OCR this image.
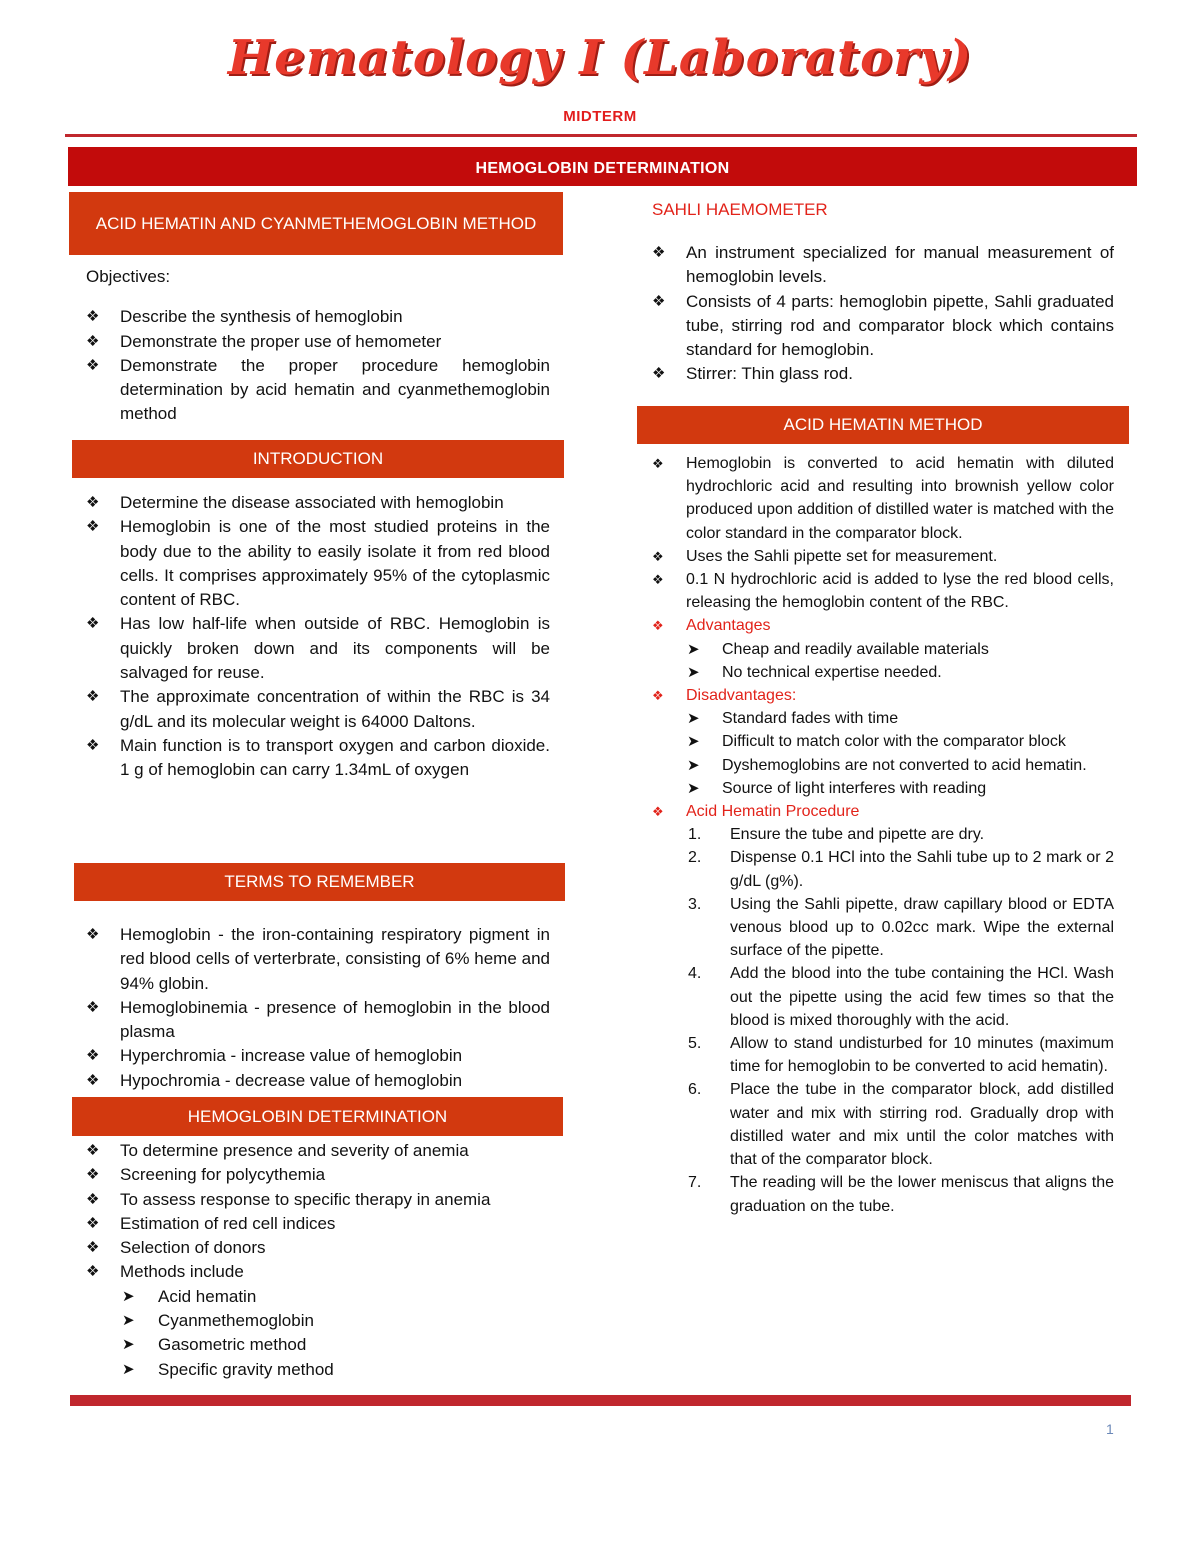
Hematology I (Laboratory)
MIDTERM
HEMOGLOBIN DETERMINATION
ACID HEMATIN AND CYANMETHEMOGLOBIN METHOD
Objectives:
❖ Describe the synthesis of hemoglobin
❖ Demonstrate the proper use of hemometer
❖ Demonstrate the proper procedure hemoglobin determination by acid hematin and cyanmethemoglobin method
INTRODUCTION
❖ Determine the disease associated with hemoglobin
❖ Hemoglobin is one of the most studied proteins in the body due to the ability to easily isolate it from red blood cells. It comprises approximately 95% of the cytoplasmic content of RBC.
❖ Has low half-life when outside of RBC. Hemoglobin is quickly broken down and its components will be salvaged for reuse.
❖ The approximate concentration of within the RBC is 34 g/dL and its molecular weight is 64000 Daltons.
❖ Main function is to transport oxygen and carbon dioxide. 1 g of hemoglobin can carry 1.34mL of oxygen
TERMS TO REMEMBER
❖ Hemoglobin - the iron-containing respiratory pigment in red blood cells of verterbrate, consisting of 6% heme and 94% globin.
❖ Hemoglobinemia - presence of hemoglobin in the blood plasma
❖ Hyperchromia - increase value of hemoglobin
❖ Hypochromia - decrease value of hemoglobin
HEMOGLOBIN DETERMINATION
❖ To determine presence and severity of anemia
❖ Screening for polycythemia
❖ To assess response to specific therapy in anemia
❖ Estimation of red cell indices
❖ Selection of donors
❖ Methods include
➤ Acid hematin
➤ Cyanmethemoglobin
➤ Gasometric method
➤ Specific gravity method
SAHLI HAEMOMETER
❖ An instrument specialized for manual measurement of hemoglobin levels.
❖ Consists of 4 parts: hemoglobin pipette, Sahli graduated tube, stirring rod and comparator block which contains standard for hemoglobin.
❖ Stirrer: Thin glass rod.
ACID HEMATIN METHOD
❖ Hemoglobin is converted to acid hematin with diluted hydrochloric acid and resulting into brownish yellow color produced upon addition of distilled water is matched with the color standard in the comparator block.
❖ Uses the Sahli pipette set for measurement.
❖ 0.1 N hydrochloric acid is added to lyse the red blood cells, releasing the hemoglobin content of the RBC.
❖ Advantages
➤ Cheap and readily available materials
➤ No technical expertise needed.
❖ Disadvantages:
➤ Standard fades with time
➤ Difficult to match color with the comparator block
➤ Dyshemoglobins are not converted to acid hematin.
➤ Source of light interferes with reading
❖ Acid Hematin Procedure
1. Ensure the tube and pipette are dry.
2. Dispense 0.1 HCl into the Sahli tube up to 2 mark or 2 g/dL (g%).
3. Using the Sahli pipette, draw capillary blood or EDTA venous blood up to 0.02cc mark. Wipe the external surface of the pipette.
4. Add the blood into the tube containing the HCl. Wash out the pipette using the acid few times so that the blood is mixed thoroughly with the acid.
5. Allow to stand undisturbed for 10 minutes (maximum time for hemoglobin to be converted to acid hematin).
6. Place the tube in the comparator block, add distilled water and mix with stirring rod. Gradually drop with distilled water and mix until the color matches with that of the comparator block.
7. The reading will be the lower meniscus that aligns the graduation on the tube.
1
